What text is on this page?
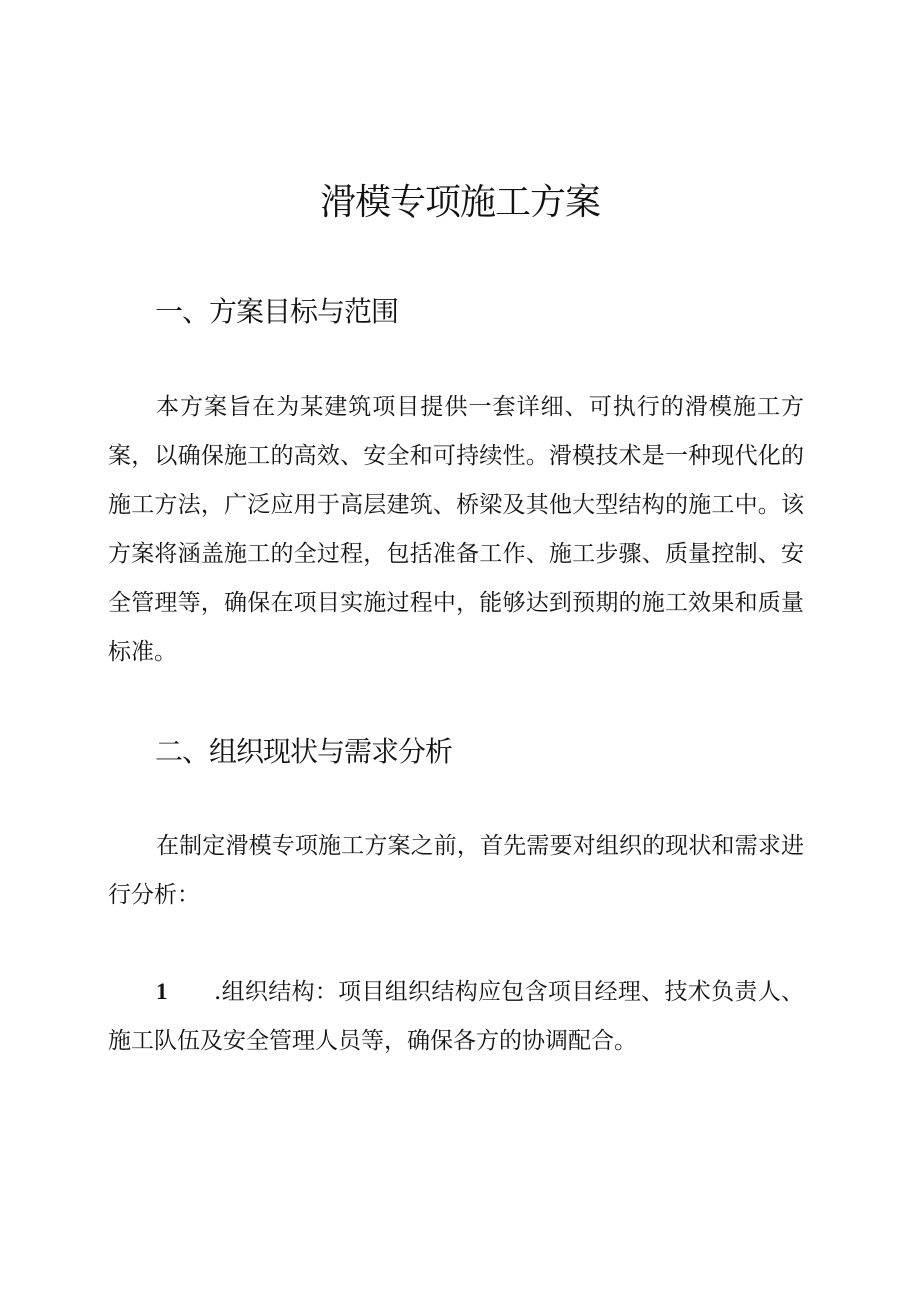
滑模专项施工方案
一、方案目标与范围

本方案旨在为某建筑项目提供一套详细、可执行的滑模施工方案，以确保施工的高效、安全和可持续性。滑模技术是一种现代化的施工方法，广泛应用于高层建筑、桥梁及其他大型结构的施工中。该方案将涵盖施工的全过程，包括准备工作、施工步骤、质量控制、安全管理等，确保在项目实施过程中，能够达到预期的施工效果和质量标准。

二、组织现状与需求分析

在制定滑模专项施工方案之前，首先需要对组织的现状和需求进行分析：

1 .组织结构：项目组织结构应包含项目经理、技术负责人、施工队伍及安全管理人员等，确保各方的协调配合。
